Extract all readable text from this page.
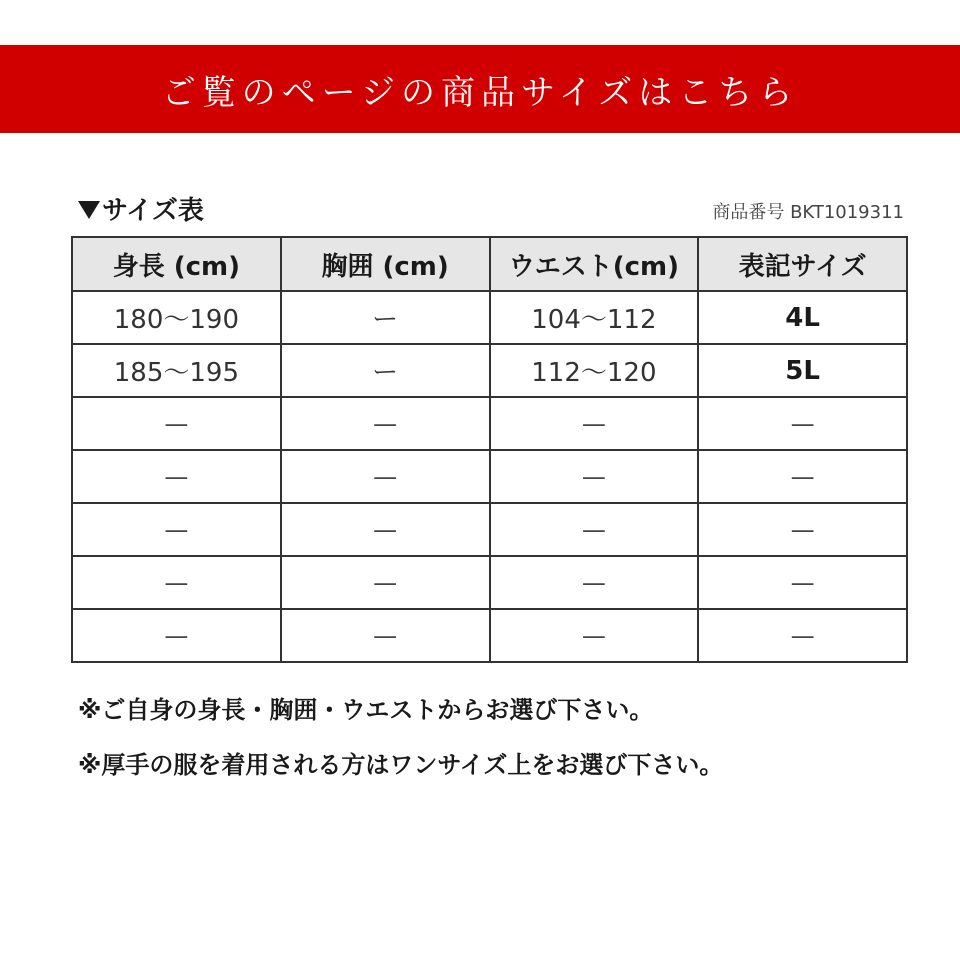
ご覧のページの商品サイズはこちら
サイズ表	商品番号 BKT1019311
身長 (cm)	胸囲 (cm)	ウエスト(cm)	表記サイズ
180〜190	ー	104〜112	4L
185〜195	ー	112〜120	5L
—	—	—	—
—	—	—	—
—	—	—	—
—	—	—	—
—	—	—	—
※ご自身の身長・胸囲・ウエストからお選び下さい。
※厚手の服を着用される方はワンサイズ上をお選び下さい。
